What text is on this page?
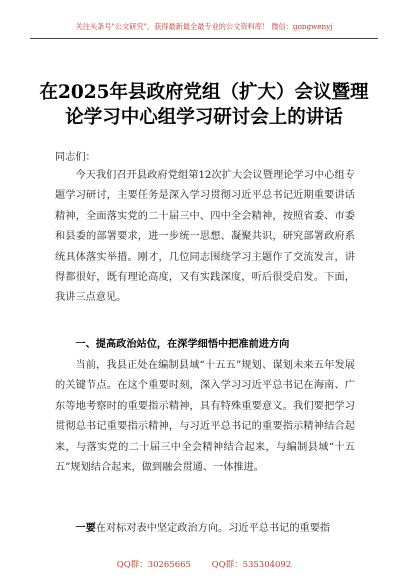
关注头条号"公文研究"，获得最新最全最专业的公文资料库！ 微信：gongwenyj
在2025年县政府党组（扩大）会议暨理
论学习中心组学习研讨会上的讲话
同志们：
今天我们召开县政府党组第12次扩大会议暨理论学习中心组专题学习研讨，主要任务是深入学习贯彻习近平总书记近期重要讲话精神，全面落实党的二十届三中、四中全会精神，按照省委、市委和县委的部署要求，进一步统一思想、凝聚共识，研究部署政府系统具体落实举措。刚才，几位同志围绕学习主题作了交流发言，讲得都很好，既有理论高度，又有实践深度，听后很受启发。下面，我讲三点意见。
一、提高政治站位，在深学细悟中把准前进方向
当前，我县正处在编制县域“十五五”规划、谋划未来五年发展的关键节点。在这个重要时刻，深入学习习近平总书记在海南、广东等地考察时的重要指示精神，具有特殊重要意义。我们要把学习贯彻总书记重要指示精神，与习近平总书记的重要指示精神结合起来，与落实党的二十届三中全会精神结合起来，与编制县域“十五五”规划结合起来，做到融会贯通、一体推进。
一要在对标对表中坚定政治方向。习近平总书记的重要指
QQ群：30265665 QQ群：535304092
